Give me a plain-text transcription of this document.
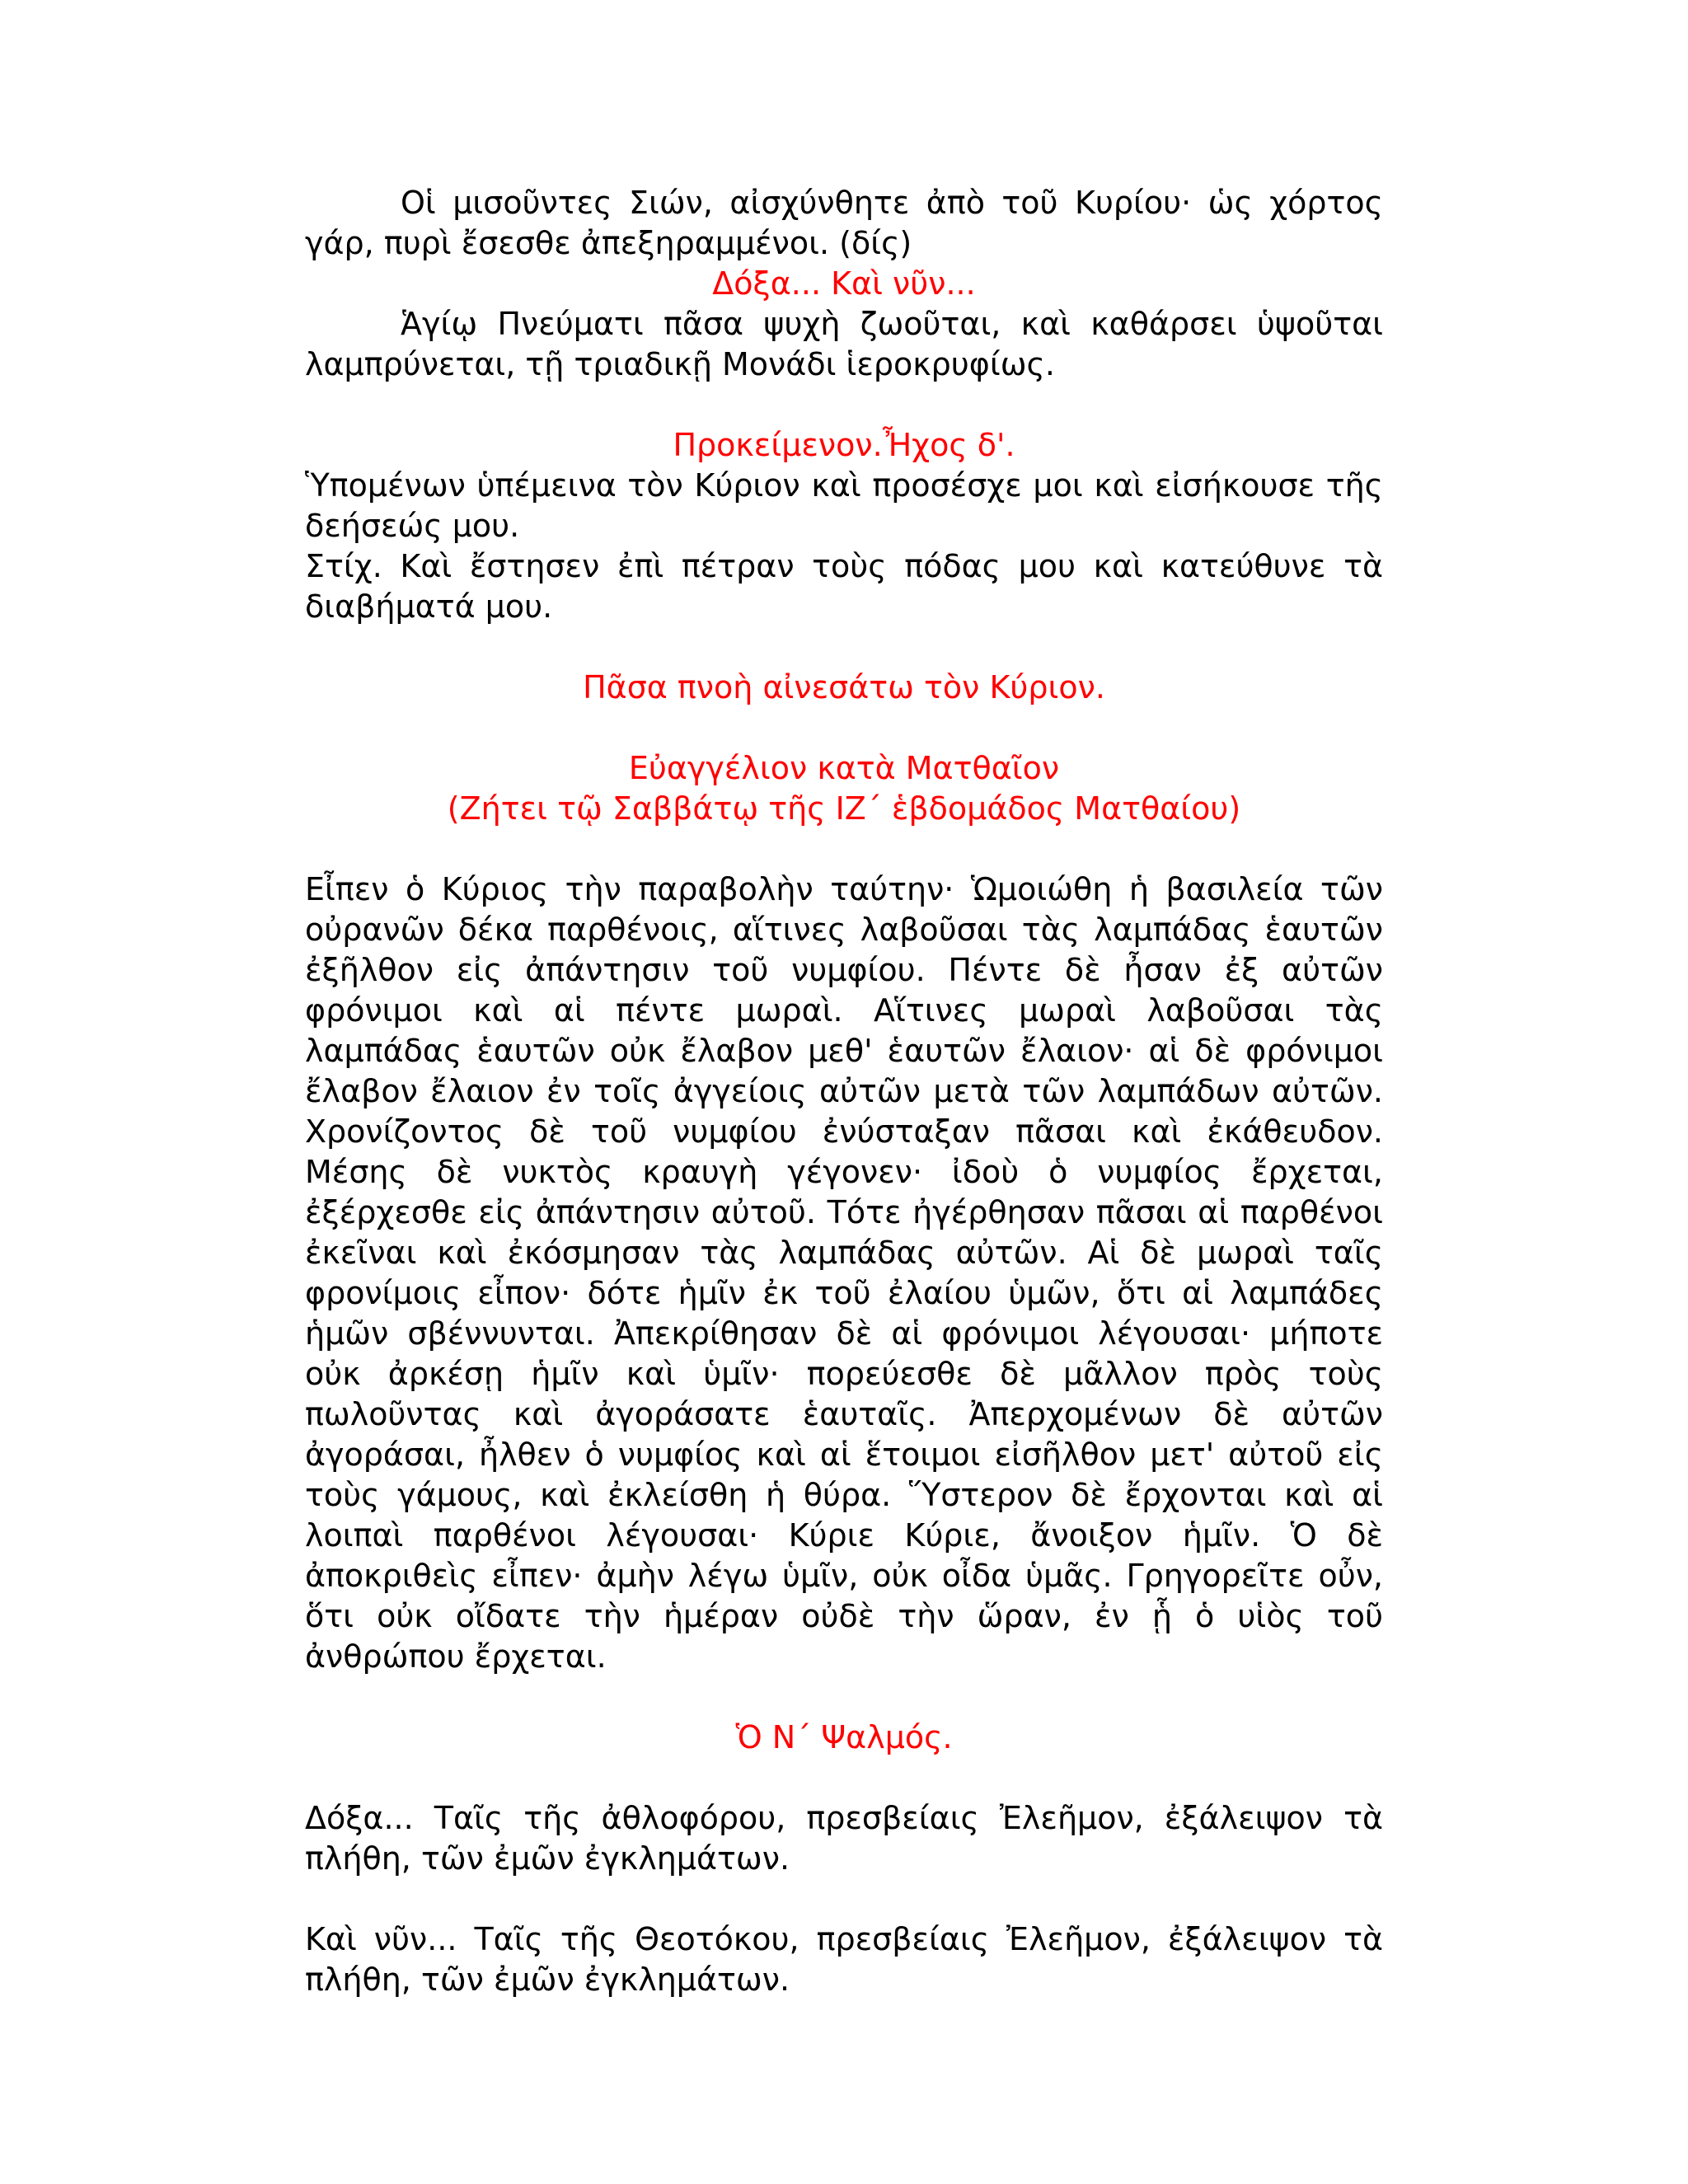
Οἱ μισοῦντες Σιών, αἰσχύνθητε ἀπὸ τοῦ Κυρίου· ὡς χόρτος γάρ, πυρὶ ἔσεσθε ἀπεξηραμμένοι. (δίς)

Δόξα... Καὶ νῦν...

Ἁγίῳ Πνεύματι πᾶσα ψυχὴ ζωοῦται, καὶ καθάρσει ὑψοῦται λαμπρύνεται, τῇ τριαδικῇ Μονάδι ἱεροκρυφίως.

Προκείμενον.Ἦχος δ'.

Ὑπομένων ὑπέμεινα τὸν Κύριον καὶ προσέσχε μοι καὶ εἰσήκουσε τῆς δεήσεώς μου.

Στίχ. Καὶ ἔστησεν ἐπὶ πέτραν τοὺς πόδας μου καὶ κατεύθυνε τὰ διαβήματά μου.

Πᾶσα πνοὴ αἰνεσάτω τὸν Κύριον.

Εὐαγγέλιον κατὰ Ματθαῖον

(Ζήτει τῷ Σαββάτῳ τῆς ΙΖ΄ ἑβδομάδος Ματθαίου)

Εἶπεν ὁ Κύριος τὴν παραβολὴν ταύτην· Ὡμοιώθη ἡ βασιλεία τῶν οὐρανῶν δέκα παρθένοις, αἵτινες λαβοῦσαι τὰς λαμπάδας ἑαυτῶν ἐξῆλθον εἰς ἀπάντησιν τοῦ νυμφίου. Πέντε δὲ ἦσαν ἐξ αὐτῶν φρόνιμοι καὶ αἱ πέντε μωραὶ. Αἵτινες μωραὶ λαβοῦσαι τὰς λαμπάδας ἑαυτῶν οὐκ ἔλαβον μεθ' ἑαυτῶν ἔλαιον· αἱ δὲ φρόνιμοι ἔλαβον ἔλαιον ἐν τοῖς ἀγγείοις αὐτῶν μετὰ τῶν λαμπάδων αὐτῶν. Χρονίζοντος δὲ τοῦ νυμφίου ἐνύσταξαν πᾶσαι καὶ ἐκάθευδον. Μέσης δὲ νυκτὸς κραυγὴ γέγονεν· ἰδοὺ ὁ νυμφίος ἔρχεται, ἐξέρχεσθε εἰς ἀπάντησιν αὐτοῦ. Τότε ἠγέρθησαν πᾶσαι αἱ παρθένοι ἐκεῖναι καὶ ἐκόσμησαν τὰς λαμπάδας αὐτῶν. Αἱ δὲ μωραὶ ταῖς φρονίμοις εἶπον· δότε ἡμῖν ἐκ τοῦ ἐλαίου ὑμῶν, ὅτι αἱ λαμπάδες ἡμῶν σβέννυνται. Ἀπεκρίθησαν δὲ αἱ φρόνιμοι λέγουσαι· μήποτε οὐκ ἀρκέσῃ ἡμῖν καὶ ὑμῖν· πορεύεσθε δὲ μᾶλλον πρὸς τοὺς πωλοῦντας καὶ ἀγοράσατε ἑαυταῖς. Ἀπερχομένων δὲ αὐτῶν ἀγοράσαι, ἦλθεν ὁ νυμφίος καὶ αἱ ἕτοιμοι εἰσῆλθον μετ' αὐτοῦ εἰς τοὺς γάμους, καὶ ἐκλείσθη ἡ θύρα. Ὕστερον δὲ ἔρχονται καὶ αἱ λοιπαὶ παρθένοι λέγουσαι· Κύριε Κύριε, ἄνοιξον ἡμῖν. Ὁ δὲ ἀποκριθεὶς εἶπεν· ἀμὴν λέγω ὑμῖν, οὐκ οἶδα ὑμᾶς. Γρηγορεῖτε οὖν, ὅτι οὐκ οἴδατε τὴν ἡμέραν οὐδὲ τὴν ὥραν, ἐν ᾗ ὁ υἱὸς τοῦ ἀνθρώπου ἔρχεται.

Ὁ Ν΄ Ψαλμός.

Δόξα... Ταῖς τῆς ἀθλοφόρου, πρεσβείαις Ἐλεῆμον, ἐξάλειψον τὰ πλήθη, τῶν ἐμῶν ἐγκλημάτων.

Καὶ νῦν... Ταῖς τῆς Θεοτόκου, πρεσβείαις Ἐλεῆμον, ἐξάλειψον τὰ πλήθη, τῶν ἐμῶν ἐγκλημάτων.
